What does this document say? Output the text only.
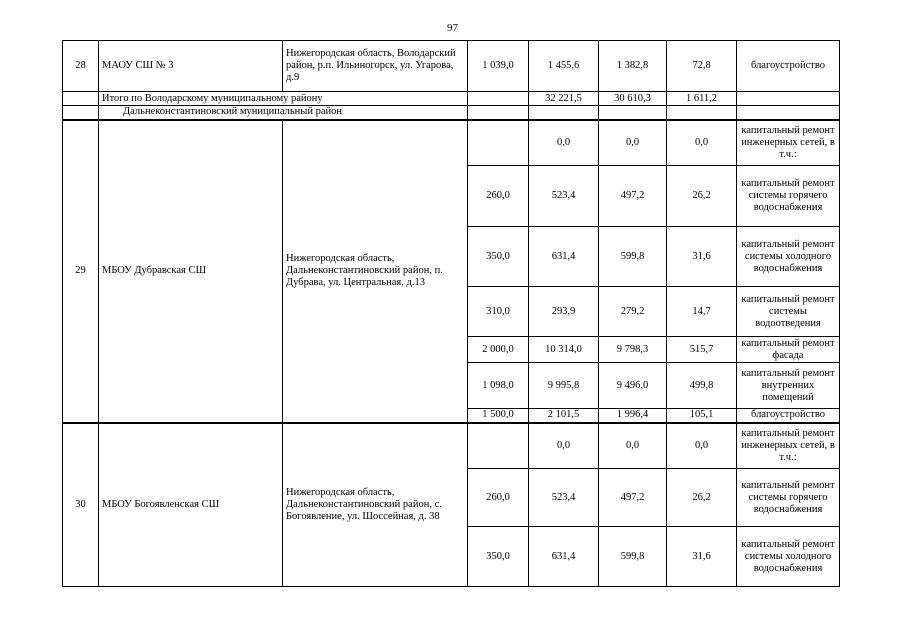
97
28	МАОУ СШ № 3	Нижегородская область, Володарский район, р.п. Ильиногорск, ул. Угарова, д.9	1 039,0	1 455,6	1 382,8	72,8	благоустройство
	Итого по Володарскому муниципальному району			32 221,5	30 610,3	1 611,2	
	Дальнеконстантиновский муниципальный район						
29	МБОУ Дубравская СШ	Нижегородская область, Дальнеконстантиновский район, п. Дубрава, ул. Центральная, д.13		0,0	0,0	0,0	капитальный ремонт инженерных сетей, в т.ч.:
			260,0	523,4	497,2	26,2	капитальный ремонт системы горячего водоснабжения
			350,0	631,4	599,8	31,6	капитальный ремонт системы холодного водоснабжения
			310,0	293,9	279,2	14,7	капитальный ремонт системы водоотведения
			2 000,0	10 314,0	9 798,3	515,7	капитальный ремонт фасада
			1 098,0	9 995,8	9 496,0	499,8	капитальный ремонт внутренних помещений
			1 500,0	2 101,5	1 996,4	105,1	благоустройство
30	МБОУ Богоявленская СШ	Нижегородская область, Дальнеконстантиновский район, с. Богоявление, ул. Шоссейная, д. 38		0,0	0,0	0,0	капитальный ремонт инженерных сетей, в т.ч.:
			260,0	523,4	497,2	26,2	капитальный ремонт системы горячего водоснабжения
			350,0	631,4	599,8	31,6	капитальный ремонт системы холодного водоснабжения
